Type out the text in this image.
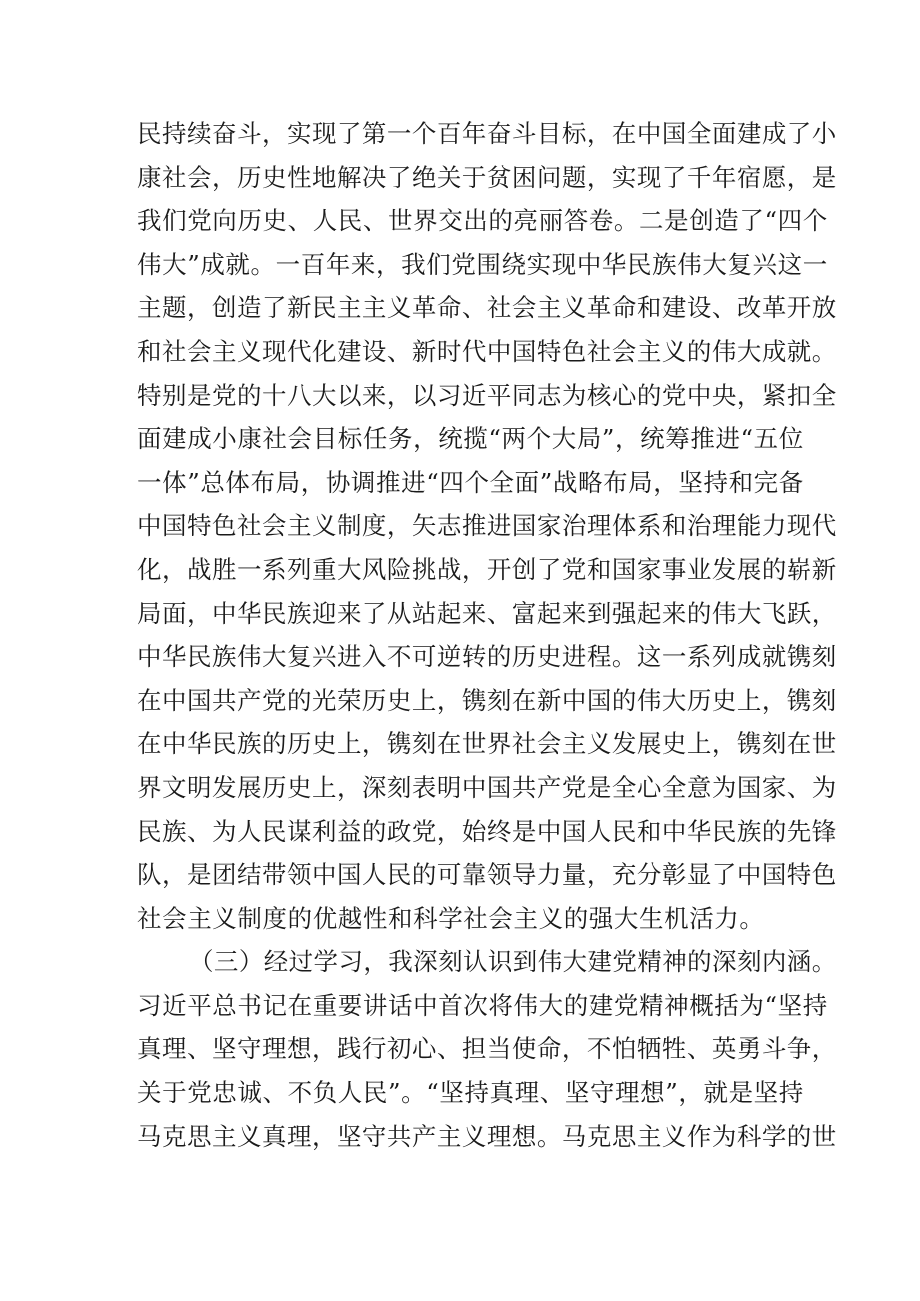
民持续奋斗，实现了第一个百年奋斗目标，在中国全面建成了小
康社会，历史性地解决了绝关于贫困问题，实现了千年宿愿，是
我们党向历史、人民、世界交出的亮丽答卷。二是创造了“四个
伟大”成就。一百年来，我们党围绕实现中华民族伟大复兴这一
主题，创造了新民主主义革命、社会主义革命和建设、改革开放
和社会主义现代化建设、新时代中国特色社会主义的伟大成就。
特别是党的十八大以来，以习近平同志为核心的党中央，紧扣全
面建成小康社会目标任务，统揽“两个大局”，统筹推进“五位
一体”总体布局，协调推进“四个全面”战略布局，坚持和完备
中国特色社会主义制度，矢志推进国家治理体系和治理能力现代
化，战胜一系列重大风险挑战，开创了党和国家事业发展的崭新
局面，中华民族迎来了从站起来、富起来到强起来的伟大飞跃，
中华民族伟大复兴进入不可逆转的历史进程。这一系列成就镌刻
在中国共产党的光荣历史上，镌刻在新中国的伟大历史上，镌刻
在中华民族的历史上，镌刻在世界社会主义发展史上，镌刻在世
界文明发展历史上，深刻表明中国共产党是全心全意为国家、为
民族、为人民谋利益的政党，始终是中国人民和中华民族的先锋
队，是团结带领中国人民的可靠领导力量，充分彰显了中国特色
社会主义制度的优越性和科学社会主义的强大生机活力。
（三）经过学习，我深刻认识到伟大建党精神的深刻内涵。
习近平总书记在重要讲话中首次将伟大的建党精神概括为“坚持
真理、坚守理想，践行初心、担当使命，不怕牺牲、英勇斗争，
关于党忠诚、不负人民”。“坚持真理、坚守理想”，就是坚持
马克思主义真理，坚守共产主义理想。马克思主义作为科学的世
